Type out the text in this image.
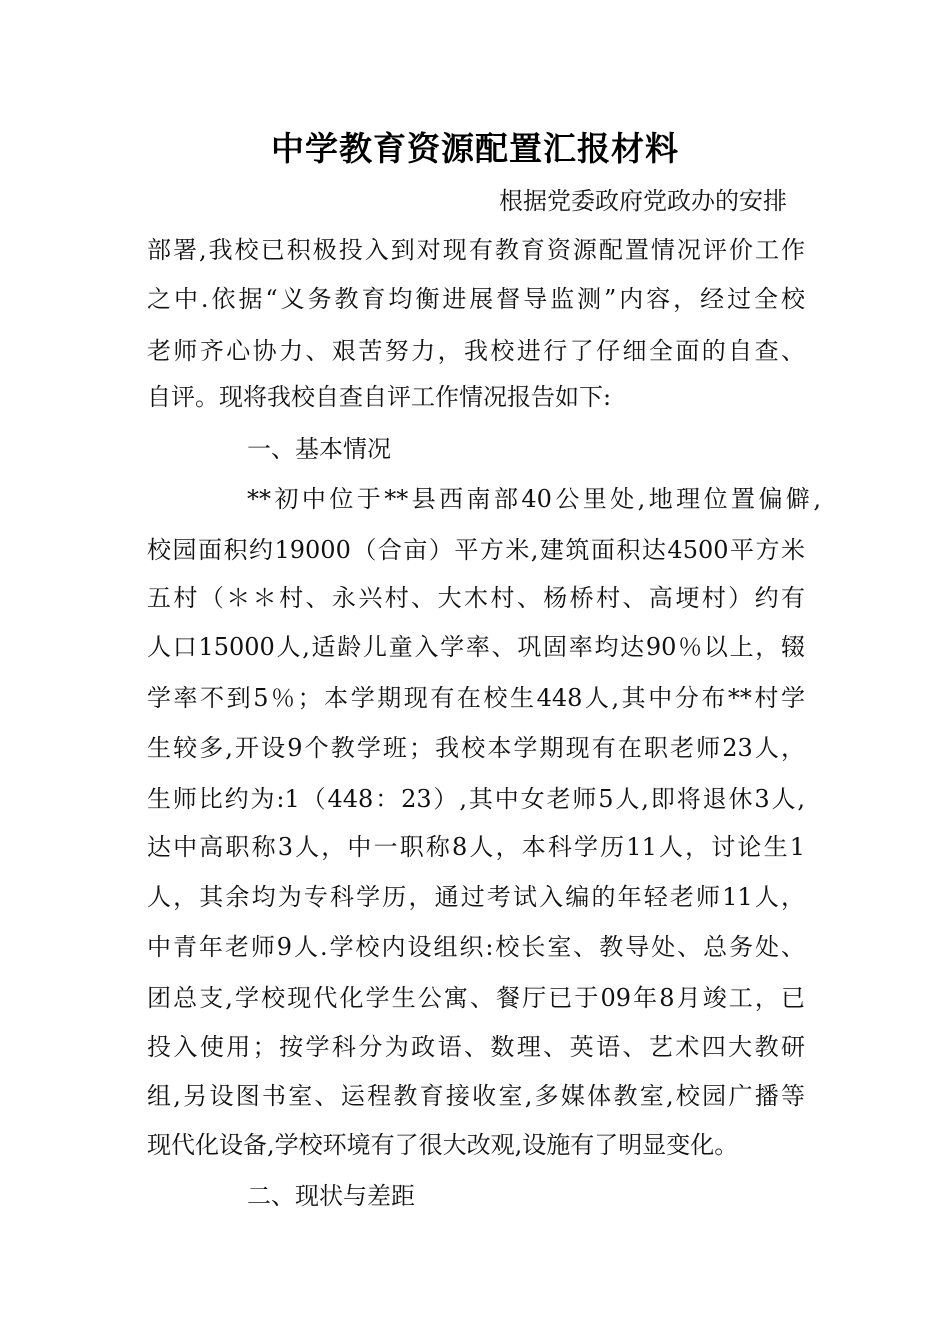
中学教育资源配置汇报材料
根据党委政府党政办的安排
部署,我校已积极投入到对现有教育资源配置情况评价工作
之中.依据“义务教育均衡进展督导监测”内容，经过全校
老师齐心协力、艰苦努力，我校进行了仔细全面的自查、
自评。现将我校自查自评工作情况报告如下:
一、基本情况
**初中位于**县西南部40公里处,地理位置偏僻,
校园面积约19000（合亩）平方米,建筑面积达4500平方米
五村（＊＊村、永兴村、大木村、杨桥村、高埂村）约有
人口15000人,适龄儿童入学率、巩固率均达90％以上，辍
学率不到5％；本学期现有在校生448人,其中分布**村学
生较多,开设9个教学班；我校本学期现有在职老师23人，
生师比约为:1（448：23）,其中女老师5人,即将退休3人,
达中高职称3人，中一职称8人，本科学历11人，讨论生1
人，其余均为专科学历，通过考试入编的年轻老师11人，
中青年老师9人.学校内设组织:校长室、教导处、总务处、
团总支,学校现代化学生公寓、餐厅已于09年8月竣工，已
投入使用；按学科分为政语、数理、英语、艺术四大教研
组,另设图书室、运程教育接收室,多媒体教室,校园广播等
现代化设备,学校环境有了很大改观,设施有了明显变化。
二、现状与差距
